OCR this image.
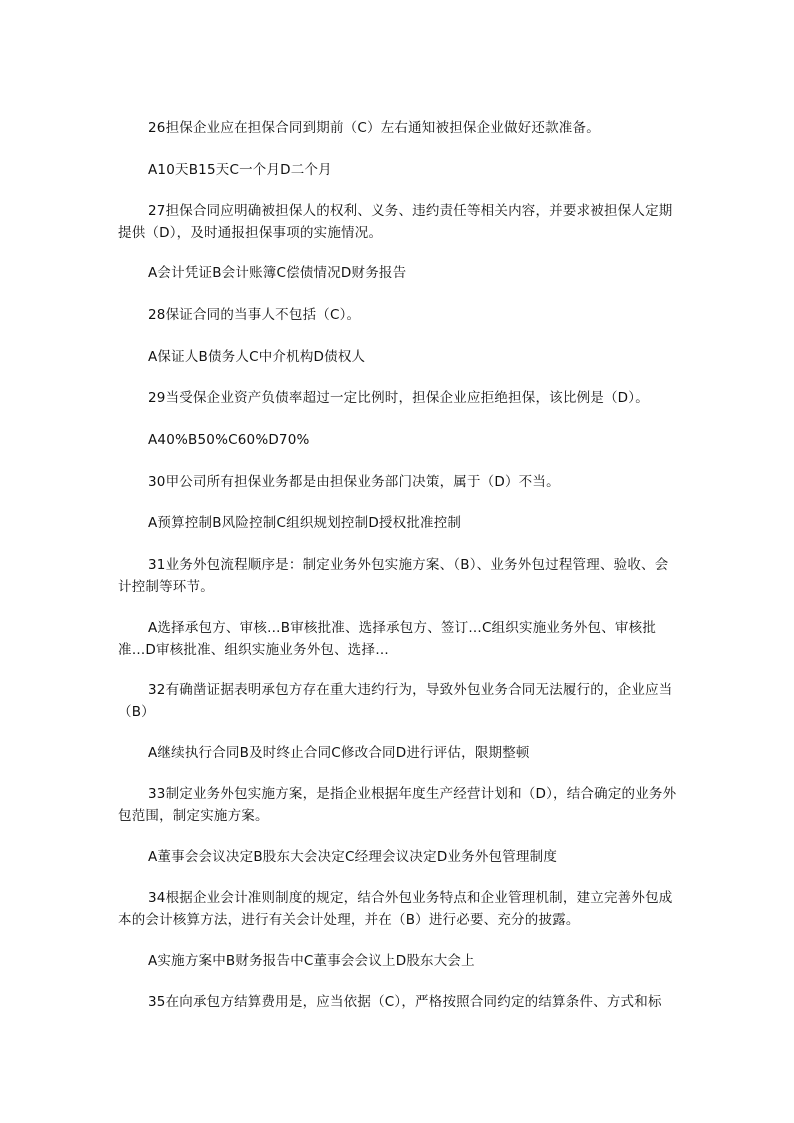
26担保企业应在担保合同到期前（C）左右通知被担保企业做好还款准备。

A10天B15天C一个月D二个月

27担保合同应明确被担保人的权利、义务、违约责任等相关内容，并要求被担保人定期提供（D），及时通报担保事项的实施情况。

A会计凭证B会计账簿C偿债情况D财务报告

28保证合同的当事人不包括（C）。

A保证人B债务人C中介机构D债权人

29当受保企业资产负债率超过一定比例时，担保企业应拒绝担保，该比例是（D）。

A40%B50%C60%D70%

30甲公司所有担保业务都是由担保业务部门决策，属于（D）不当。

A预算控制B风险控制C组织规划控制D授权批准控制

31业务外包流程顺序是：制定业务外包实施方案、（B）、业务外包过程管理、验收、会计控制等环节。

A选择承包方、审核…B审核批准、选择承包方、签订…C组织实施业务外包、审核批准…D审核批准、组织实施业务外包、选择…

32有确凿证据表明承包方存在重大违约行为，导致外包业务合同无法履行的，企业应当（B）

A继续执行合同B及时终止合同C修改合同D进行评估，限期整顿

33制定业务外包实施方案，是指企业根据年度生产经营计划和（D），结合确定的业务外包范围，制定实施方案。

A董事会会议决定B股东大会决定C经理会议决定D业务外包管理制度

34根据企业会计准则制度的规定，结合外包业务特点和企业管理机制，建立完善外包成本的会计核算方法，进行有关会计处理，并在（B）进行必要、充分的披露。

A实施方案中B财务报告中C董事会会议上D股东大会上

35在向承包方结算费用是，应当依据（C），严格按照合同约定的结算条件、方式和标
